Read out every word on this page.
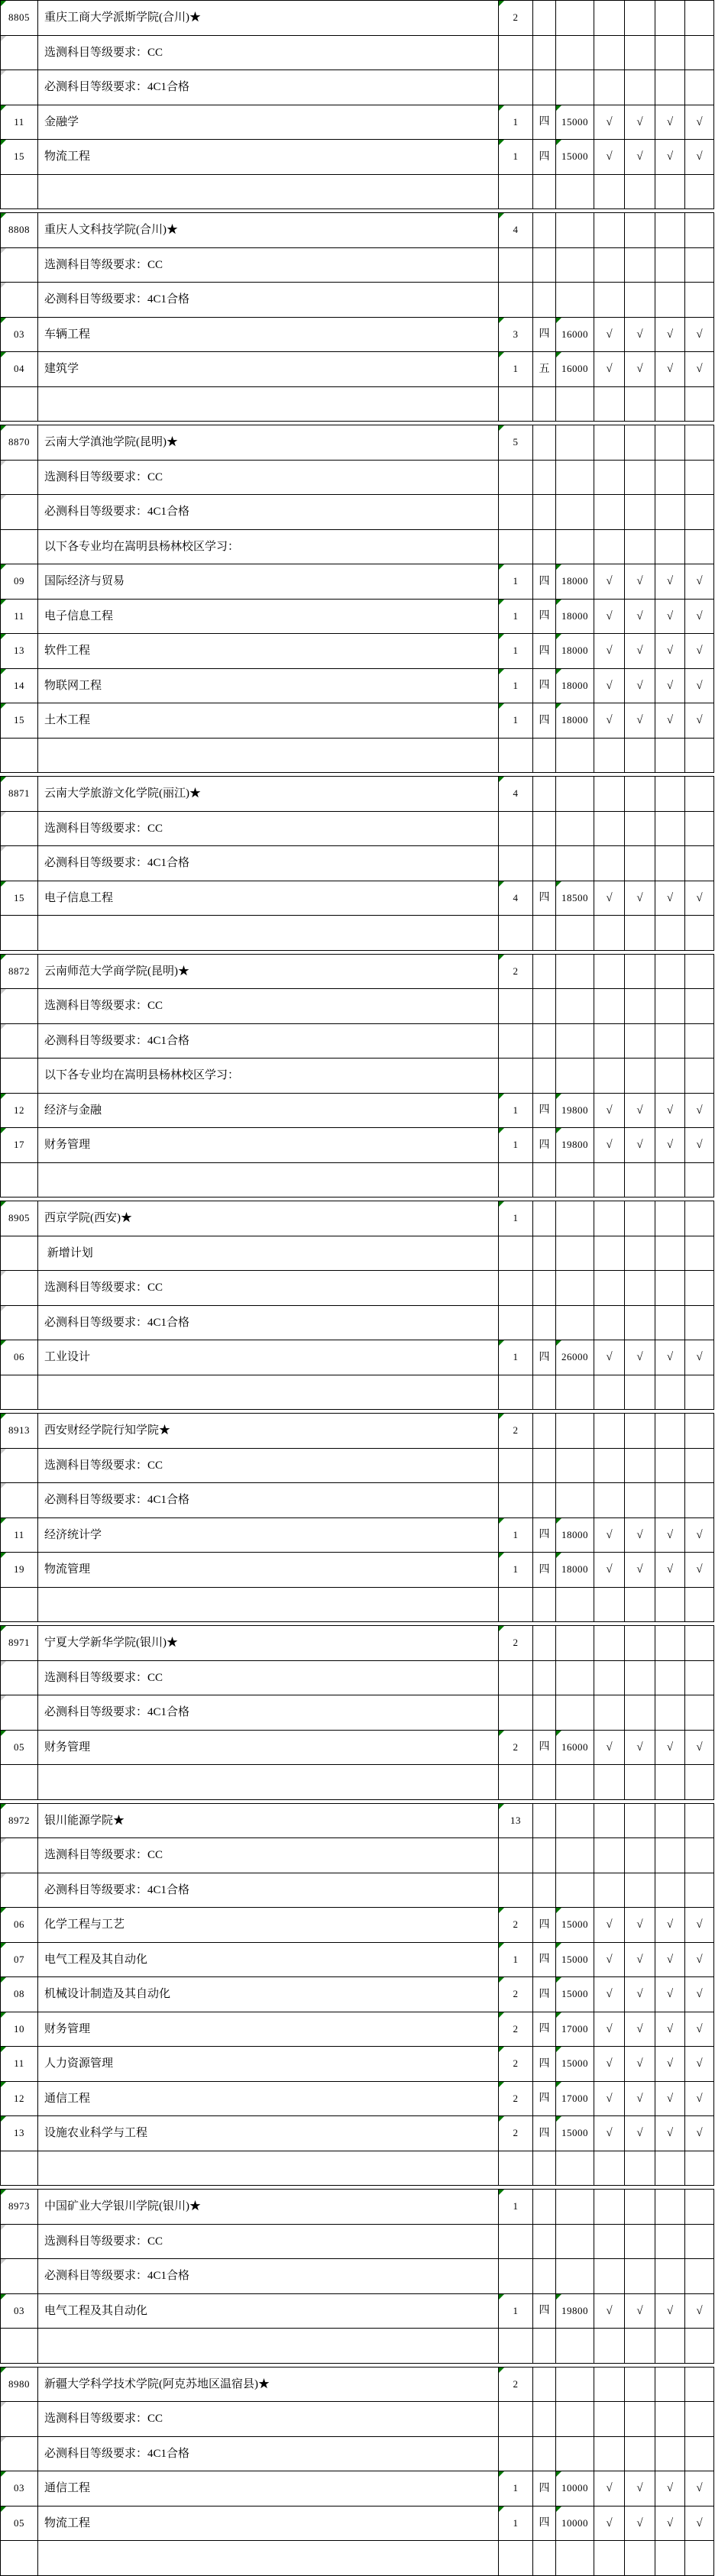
8805	重庆工商大学派斯学院(合川)★	2						

	选测科目等级要求：CC							

	必测科目等级要求：4C1合格							

11	金融学	1	四	15000	√	√	√	√

15	物流工程	1	四	15000	√	√	√	√

8808	重庆人文科技学院(合川)★	4						

	选测科目等级要求：CC							

	必测科目等级要求：4C1合格							

03	车辆工程	3	四	16000	√	√	√	√

04	建筑学	1	五	16000	√	√	√	√

8870	云南大学滇池学院(昆明)★	5						

	选测科目等级要求：CC							

	必测科目等级要求：4C1合格							
	以下各专业均在嵩明县杨林校区学习：							

09	国际经济与贸易	1	四	18000	√	√	√	√

11	电子信息工程	1	四	18000	√	√	√	√

13	软件工程	1	四	18000	√	√	√	√

14	物联网工程	1	四	18000	√	√	√	√

15	土木工程	1	四	18000	√	√	√	√

8871	云南大学旅游文化学院(丽江)★	4						

	选测科目等级要求：CC							

	必测科目等级要求：4C1合格							

15	电子信息工程	4	四	18500	√	√	√	√

8872	云南师范大学商学院(昆明)★	2						

	选测科目等级要求：CC							

	必测科目等级要求：4C1合格							
	以下各专业均在嵩明县杨林校区学习：							

12	经济与金融	1	四	19800	√	√	√	√

17	财务管理	1	四	19800	√	√	√	√

8905	西京学院(西安)★	1						
	新增计划							

	选测科目等级要求：CC							

	必测科目等级要求：4C1合格							

06	工业设计	1	四	26000	√	√	√	√

8913	西安财经学院行知学院★	2						

	选测科目等级要求：CC							

	必测科目等级要求：4C1合格							

11	经济统计学	1	四	18000	√	√	√	√

19	物流管理	1	四	18000	√	√	√	√

8971	宁夏大学新华学院(银川)★	2						

	选测科目等级要求：CC							

	必测科目等级要求：4C1合格							

05	财务管理	2	四	16000	√	√	√	√

8972	银川能源学院★	13						

	选测科目等级要求：CC							

	必测科目等级要求：4C1合格							

06	化学工程与工艺	2	四	15000	√	√	√	√

07	电气工程及其自动化	1	四	15000	√	√	√	√

08	机械设计制造及其自动化	2	四	15000	√	√	√	√

10	财务管理	2	四	17000	√	√	√	√

11	人力资源管理	2	四	15000	√	√	√	√

12	通信工程	2	四	17000	√	√	√	√

13	设施农业科学与工程	2	四	15000	√	√	√	√

8973	中国矿业大学银川学院(银川)★	1						

	选测科目等级要求：CC							

	必测科目等级要求：4C1合格							

03	电气工程及其自动化	1	四	19800	√	√	√	√

8980	新疆大学科学技术学院(阿克苏地区温宿县)★	2						

	选测科目等级要求：CC							

	必测科目等级要求：4C1合格							

03	通信工程	1	四	10000	√	√	√	√

05	物流工程	1	四	10000	√	√	√	√
